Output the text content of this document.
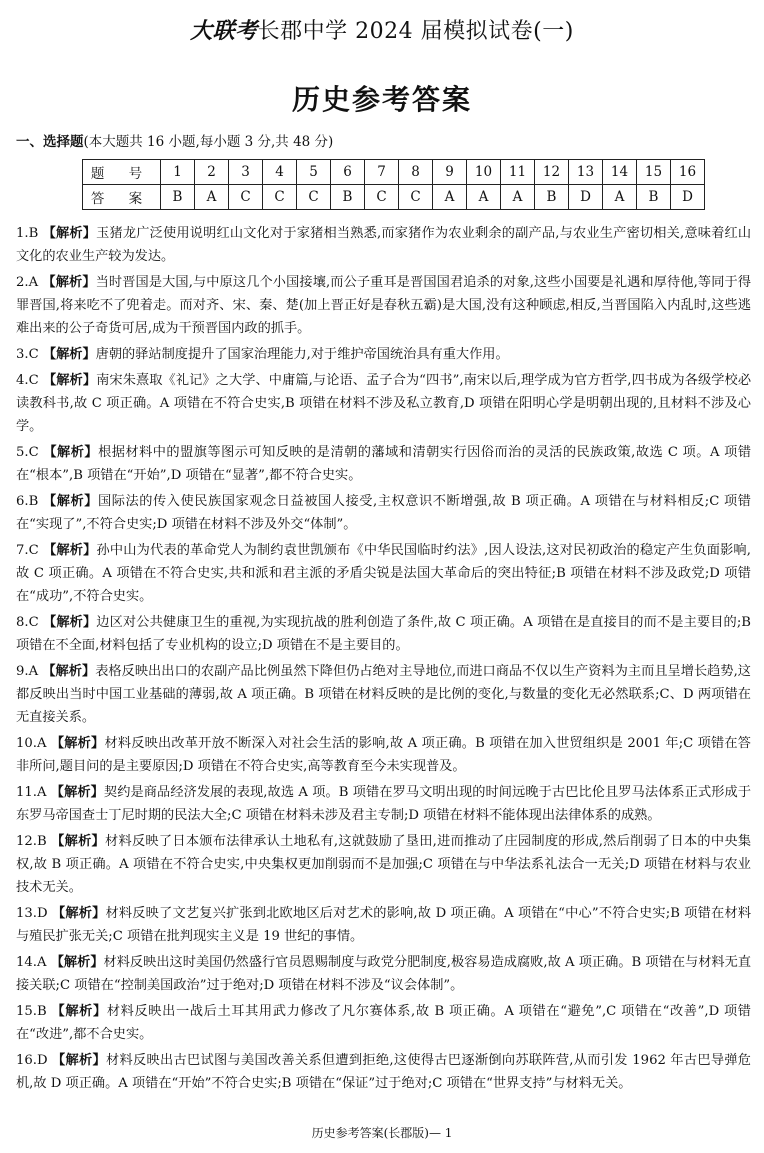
大联考长郡中学 2024 届模拟试卷(一)
历史参考答案
一、选择题(本大题共 16 小题,每小题 3 分,共 48 分)
题 号	1	2	3	4	5	6	7	8	9	10	11	12	13	14	15	16
答 案	B	A	C	C	C	B	C	C	A	A	A	B	D	A	B	D
1.B 【解析】玉猪龙广泛使用说明红山文化对于家猪相当熟悉,而家猪作为农业剩余的副产品,与农业生产密切相关,意味着红山文化的农业生产较为发达。
2.A 【解析】当时晋国是大国,与中原这几个小国接壤,而公子重耳是晋国国君追杀的对象,这些小国要是礼遇和厚待他,等同于得罪晋国,将来吃不了兜着走。而对齐、宋、秦、楚(加上晋正好是春秋五霸)是大国,没有这种顾虑,相反,当晋国陷入内乱时,这些逃难出来的公子奇货可居,成为干预晋国内政的抓手。
3.C 【解析】唐朝的驿站制度提升了国家治理能力,对于维护帝国统治具有重大作用。
4.C 【解析】南宋朱熹取《礼记》之大学、中庸篇,与论语、孟子合为“四书”,南宋以后,理学成为官方哲学,四书成为各级学校必读教科书,故 C 项正确。A 项错在不符合史实,B 项错在材料不涉及私立教育,D 项错在阳明心学是明朝出现的,且材料不涉及心学。
5.C 【解析】根据材料中的盟旗等图示可知反映的是清朝的藩域和清朝实行因俗而治的灵活的民族政策,故选 C 项。A 项错在“根本”,B 项错在“开始”,D 项错在“显著”,都不符合史实。
6.B 【解析】国际法的传入使民族国家观念日益被国人接受,主权意识不断增强,故 B 项正确。A 项错在与材料相反;C 项错在“实现了”,不符合史实;D 项错在材料不涉及外交“体制”。
7.C 【解析】孙中山为代表的革命党人为制约袁世凯颁布《中华民国临时约法》,因人设法,这对民初政治的稳定产生负面影响,故 C 项正确。A 项错在不符合史实,共和派和君主派的矛盾尖锐是法国大革命后的突出特征;B 项错在材料不涉及政党;D 项错在“成功”,不符合史实。
8.C 【解析】边区对公共健康卫生的重视,为实现抗战的胜利创造了条件,故 C 项正确。A 项错在是直接目的而不是主要目的;B 项错在不全面,材料包括了专业机构的设立;D 项错在不是主要目的。
9.A 【解析】表格反映出出口的农副产品比例虽然下降但仍占绝对主导地位,而进口商品不仅以生产资料为主而且呈增长趋势,这都反映出当时中国工业基础的薄弱,故 A 项正确。B 项错在材料反映的是比例的变化,与数量的变化无必然联系;C、D 两项错在无直接关系。
10.A 【解析】材料反映出改革开放不断深入对社会生活的影响,故 A 项正确。B 项错在加入世贸组织是 2001 年;C 项错在答非所问,题目问的是主要原因;D 项错在不符合史实,高等教育至今未实现普及。
11.A 【解析】契约是商品经济发展的表现,故选 A 项。B 项错在罗马文明出现的时间远晚于古巴比伦且罗马法体系正式形成于东罗马帝国查士丁尼时期的民法大全;C 项错在材料未涉及君主专制;D 项错在材料不能体现出法律体系的成熟。
12.B 【解析】材料反映了日本颁布法律承认土地私有,这就鼓励了垦田,进而推动了庄园制度的形成,然后削弱了日本的中央集权,故 B 项正确。A 项错在不符合史实,中央集权更加削弱而不是加强;C 项错在与中华法系礼法合一无关;D 项错在材料与农业技术无关。
13.D 【解析】材料反映了文艺复兴扩张到北欧地区后对艺术的影响,故 D 项正确。A 项错在“中心”不符合史实;B 项错在材料与殖民扩张无关;C 项错在批判现实主义是 19 世纪的事情。
14.A 【解析】材料反映出这时美国仍然盛行官员恩赐制度与政党分肥制度,极容易造成腐败,故 A 项正确。B 项错在与材料无直接关联;C 项错在“控制美国政治”过于绝对;D 项错在材料不涉及“议会体制”。
15.B 【解析】材料反映出一战后土耳其用武力修改了凡尔赛体系,故 B 项正确。A 项错在“避免”,C 项错在“改善”,D 项错在“改进”,都不合史实。
16.D 【解析】材料反映出古巴试图与美国改善关系但遭到拒绝,这使得古巴逐渐倒向苏联阵营,从而引发 1962 年古巴导弹危机,故 D 项正确。A 项错在“开始”不符合史实;B 项错在“保证”过于绝对;C 项错在“世界支持”与材料无关。
历史参考答案(长郡版)— 1
